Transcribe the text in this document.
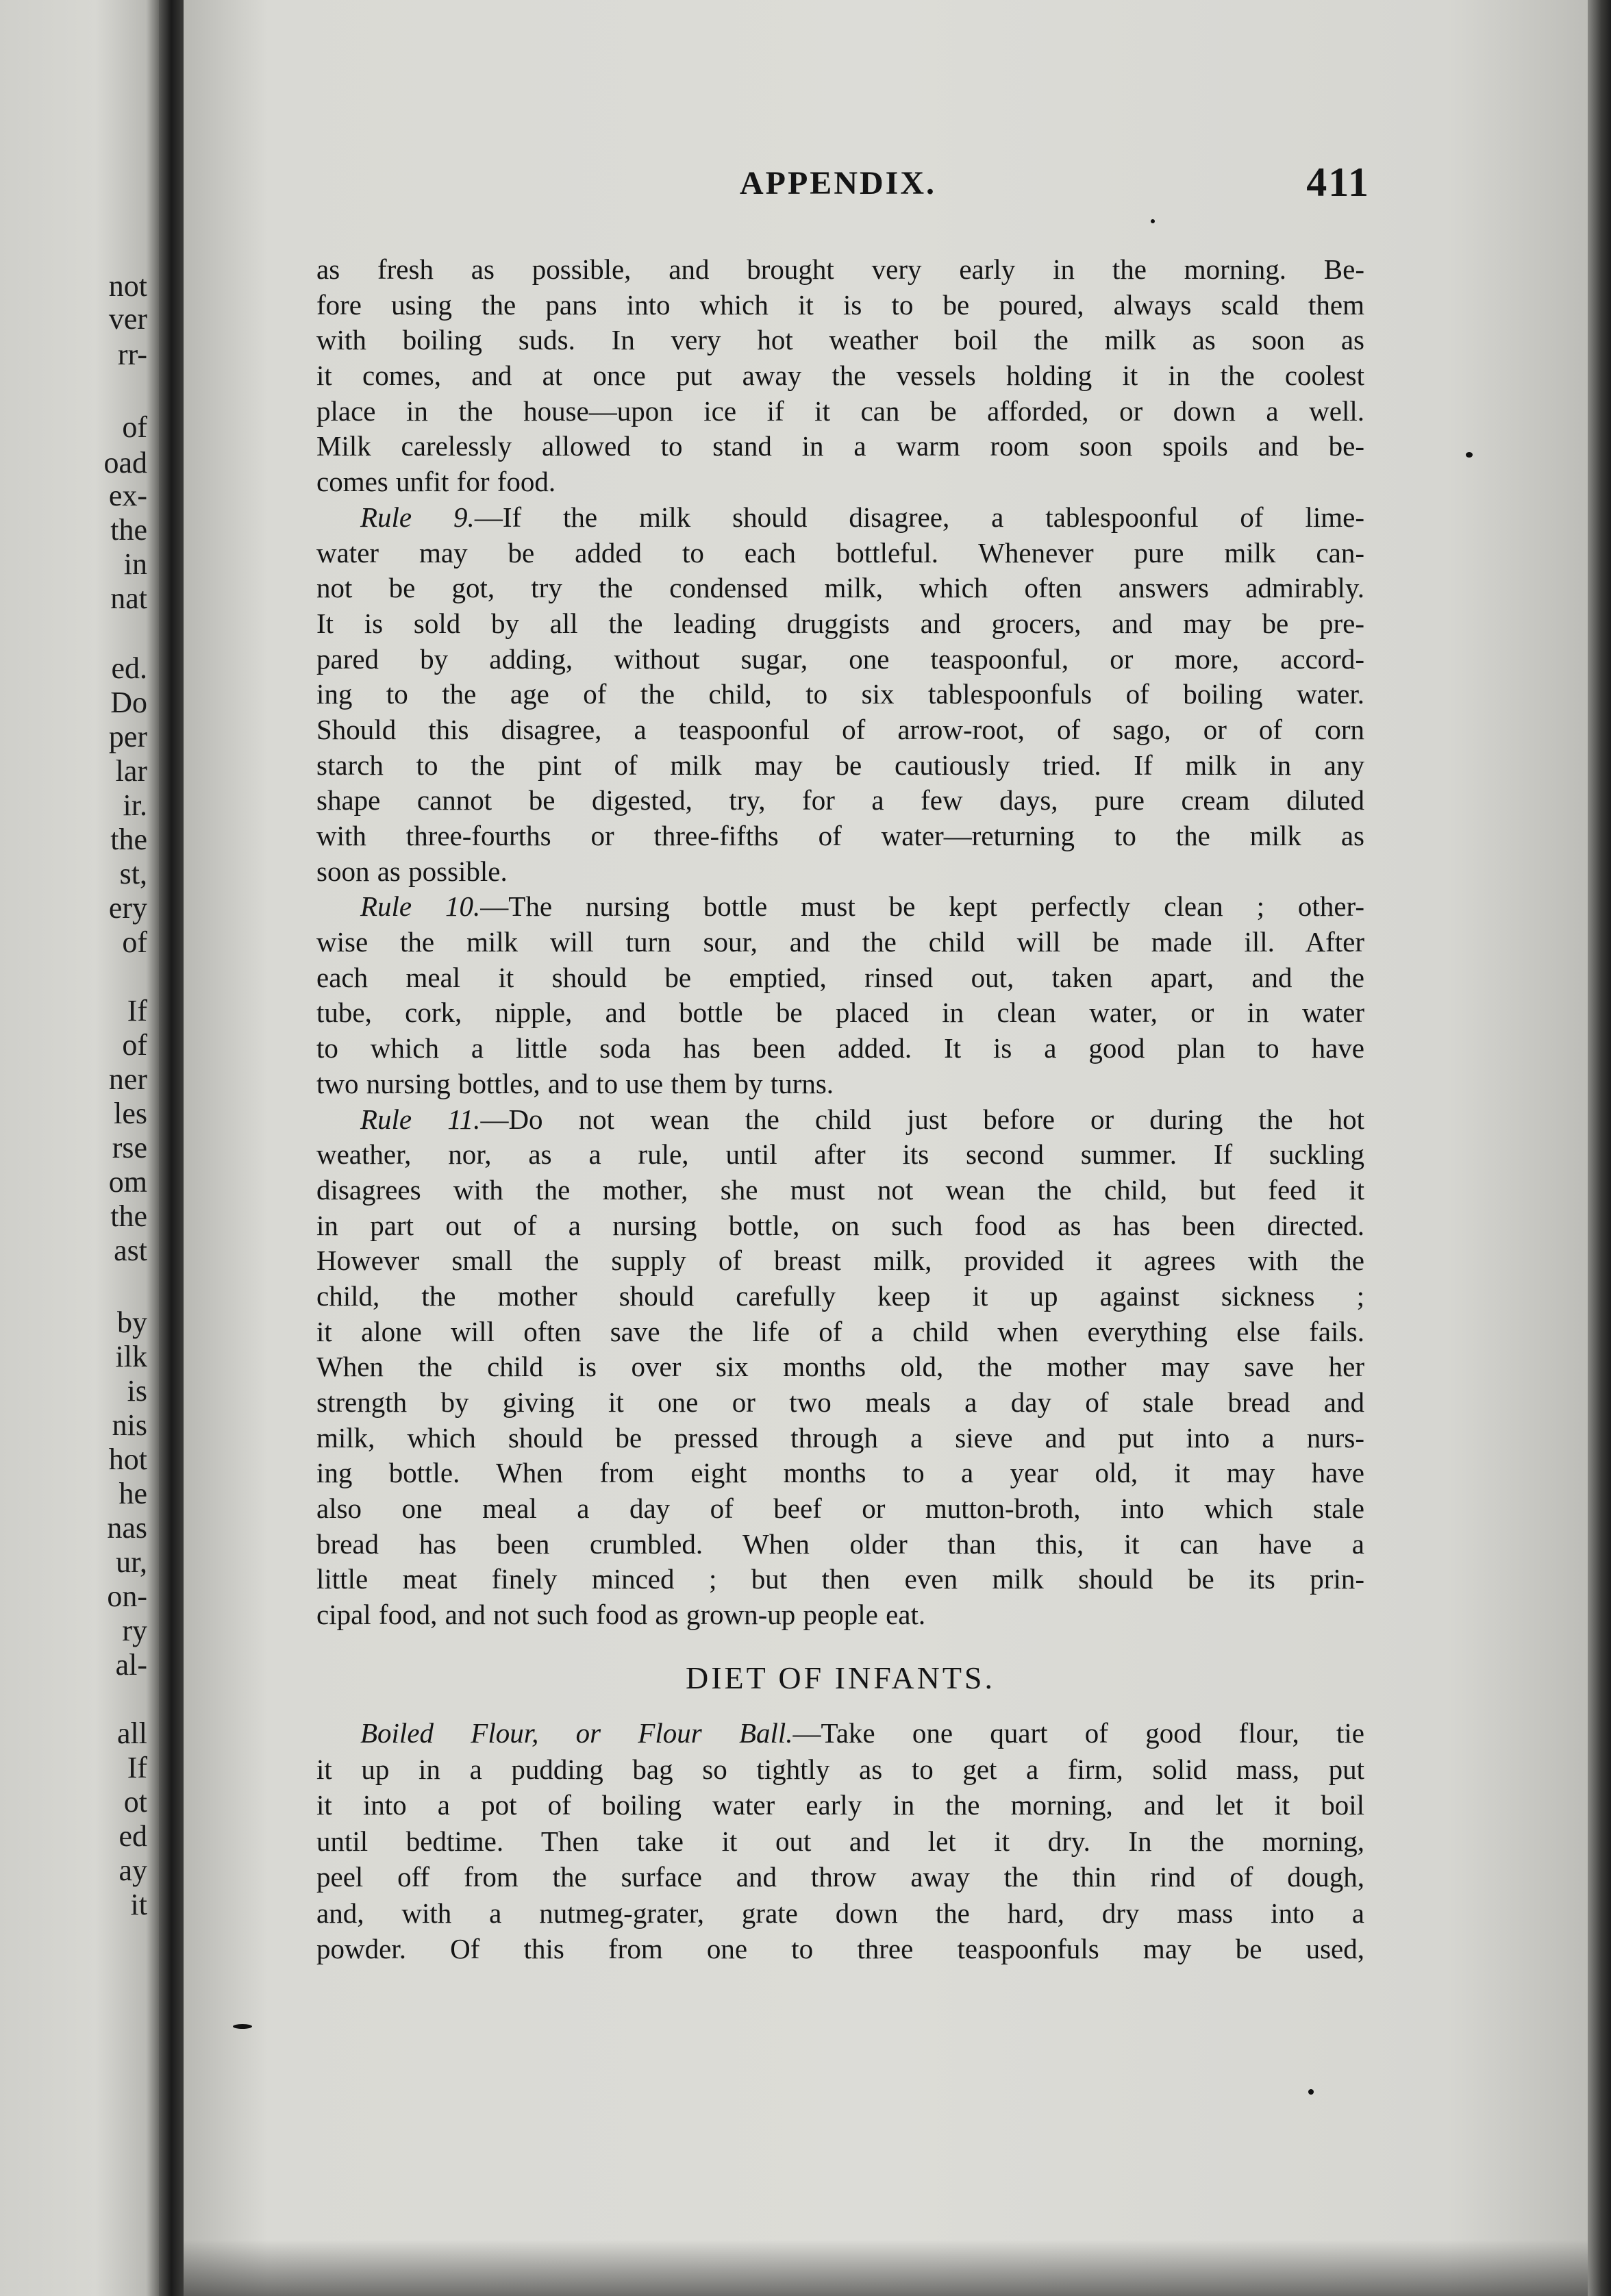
not
ver
rr-
of
oad
ex-
the
in
nat
ed.
Do
per
lar
ir.
the
st,
ery
of
If
of
ner
les
rse
om
the
ast
by
ilk
is
nis
hot
he
nas
ur,
on-
ry
al-
all
If
ot
ed
ay
it
APPENDIX.	411
as fresh as possible, and brought very early in the morning. Be-
fore using the pans into which it is to be poured, always scald them
with boiling suds. In very hot weather boil the milk as soon as
it comes, and at once put away the vessels holding it in the coolest
place in the house—upon ice if it can be afforded, or down a well.
Milk carelessly allowed to stand in a warm room soon spoils and be-
comes unfit for food.
Rule 9.—If the milk should disagree, a tablespoonful of lime-
water may be added to each bottleful. Whenever pure milk can-
not be got, try the condensed milk, which often answers admirably.
It is sold by all the leading druggists and grocers, and may be pre-
pared by adding, without sugar, one teaspoonful, or more, accord-
ing to the age of the child, to six tablespoonfuls of boiling water.
Should this disagree, a teaspoonful of arrow-root, of sago, or of corn
starch to the pint of milk may be cautiously tried. If milk in any
shape cannot be digested, try, for a few days, pure cream diluted
with three-fourths or three-fifths of water—returning to the milk as
soon as possible.
Rule 10.—The nursing bottle must be kept perfectly clean ; other-
wise the milk will turn sour, and the child will be made ill. After
each meal it should be emptied, rinsed out, taken apart, and the
tube, cork, nipple, and bottle be placed in clean water, or in water
to which a little soda has been added. It is a good plan to have
two nursing bottles, and to use them by turns.
Rule 11.—Do not wean the child just before or during the hot
weather, nor, as a rule, until after its second summer. If suckling
disagrees with the mother, she must not wean the child, but feed it
in part out of a nursing bottle, on such food as has been directed.
However small the supply of breast milk, provided it agrees with the
child, the mother should carefully keep it up against sickness ;
it alone will often save the life of a child when everything else fails.
When the child is over six months old, the mother may save her
strength by giving it one or two meals a day of stale bread and
milk, which should be pressed through a sieve and put into a nurs-
ing bottle. When from eight months to a year old, it may have
also one meal a day of beef or mutton-broth, into which stale
bread has been crumbled. When older than this, it can have a
little meat finely minced ; but then even milk should be its prin-
cipal food, and not such food as grown-up people eat.
DIET OF INFANTS.
Boiled Flour, or Flour Ball.—Take one quart of good flour, tie
it up in a pudding bag so tightly as to get a firm, solid mass, put
it into a pot of boiling water early in the morning, and let it boil
until bedtime. Then take it out and let it dry. In the morning,
peel off from the surface and throw away the thin rind of dough,
and, with a nutmeg-grater, grate down the hard, dry mass into a
powder. Of this from one to three teaspoonfuls may be used,
